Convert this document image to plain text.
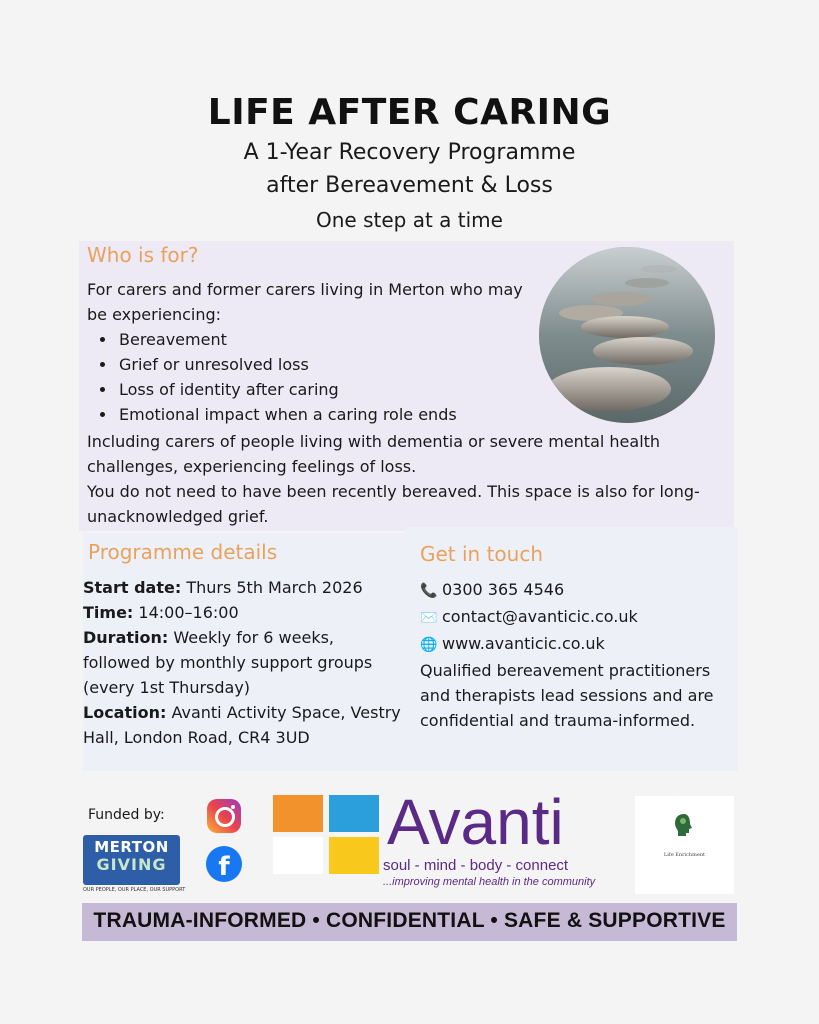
LIFE AFTER CARING
A 1-Year Recovery Programme
after Bereavement & Loss
One step at a time
Who is for?
For carers and former carers living in Merton who may be experiencing:
• Bereavement
• Grief or unresolved loss
• Loss of identity after caring
• Emotional impact when a caring role ends
Including carers of people living with dementia or severe mental health challenges, experiencing feelings of loss.
You do not need to have been recently bereaved. This space is also for long-unacknowledged grief.
Programme details
Start date: Thurs 5th March 2026
Time: 14:00–16:00
Duration: Weekly for 6 weeks, followed by monthly support groups (every 1st Thursday)
Location: Avanti Activity Space, Vestry Hall, London Road, CR4 3UD
Get in touch
📞 0300 365 4546
✉️ contact@avanticic.co.uk
🌐 www.avanticic.co.uk
Qualified bereavement practitioners and therapists lead sessions and are confidential and trauma-informed.
Funded by:
MERTON
GIVING
OUR PEOPLE, OUR PLACE, OUR SUPPORT
f
Avanti
soul - mind - body - connect
...improving mental health in the community
Life Enrichment
TRAUMA-INFORMED • CONFIDENTIAL • SAFE & SUPPORTIVE
